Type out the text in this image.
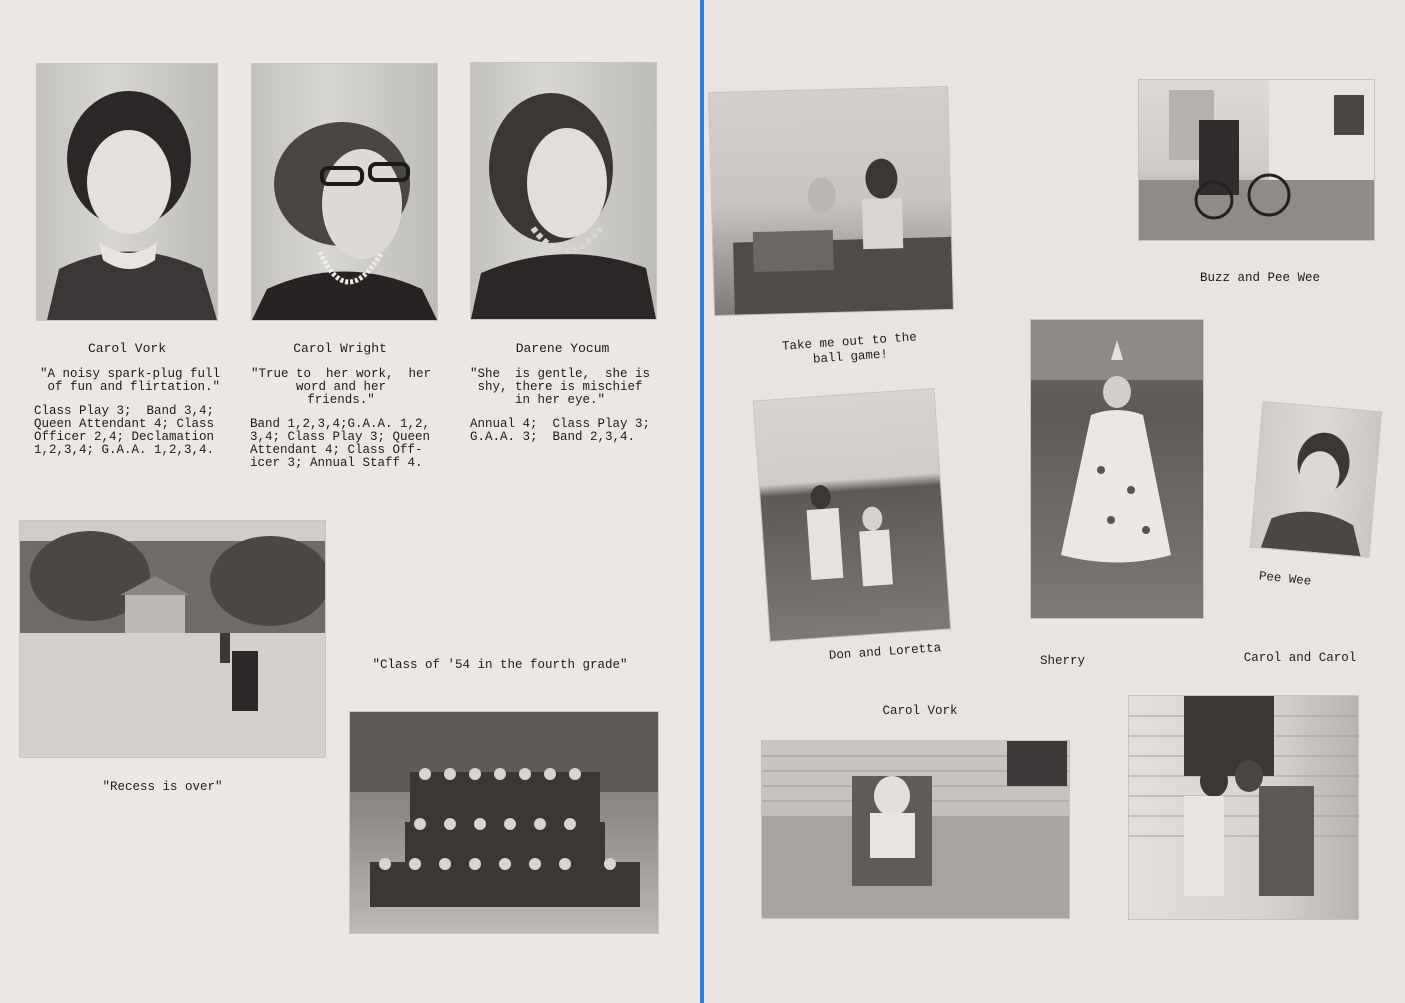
Carol Vork	Carol Wright	Darene Yocum
"A noisy spark-plug full
of fun and flirtation."
"True to  her work,  her
word and her
friends."
"She  is gentle,  she is
shy, there is mischief
in her eye."
Class Play 3;  Band 3,4;
Queen Attendant 4; Class
Officer 2,4; Declamation
1,2,3,4; G.A.A. 1,2,3,4.
Band 1,2,3,4;G.A.A. 1,2,
3,4; Class Play 3; Queen
Attendant 4; Class Off-
icer 3; Annual Staff 4.
Annual 4;  Class Play 3;
G.A.A. 3;  Band 2,3,4.
"Recess is over"
"Class of '54 in the fourth grade"
Take me out to the
ball game!
Buzz and Pee Wee
Don and Loretta	Sherry
Pee Wee
Carol and Carol
Carol Vork
